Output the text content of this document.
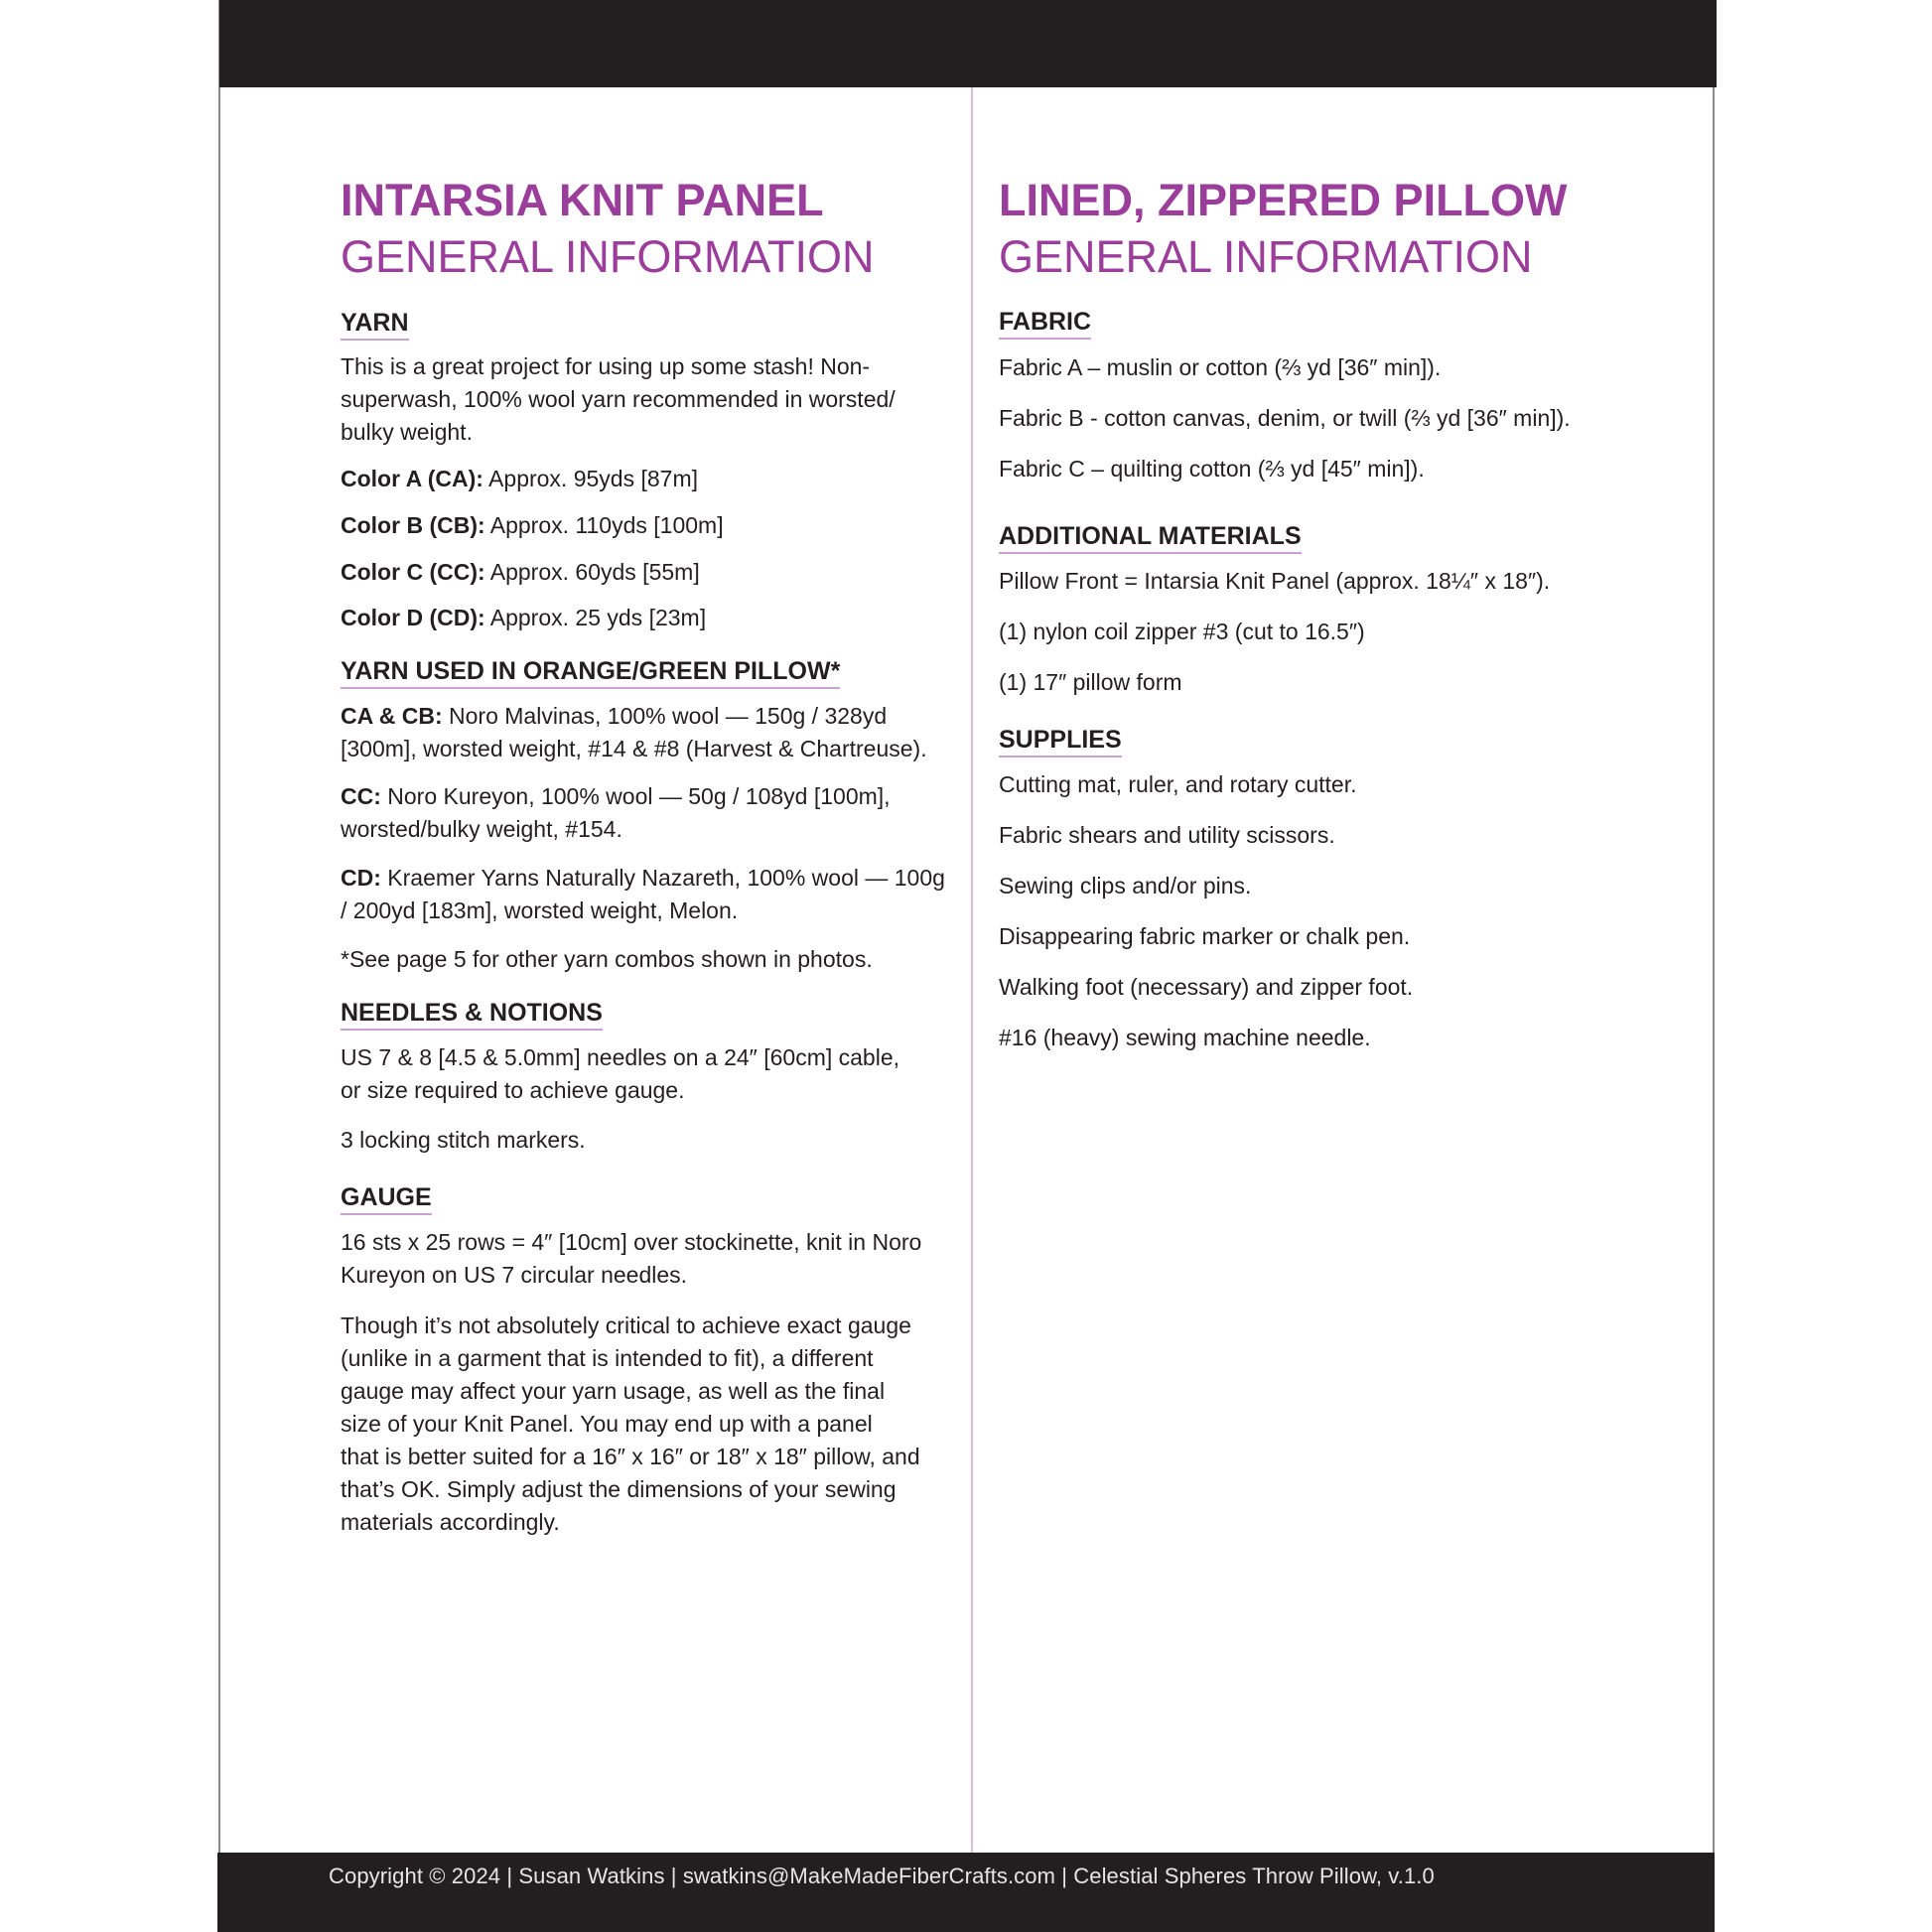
INTARSIA KNIT PANEL

GENERAL INFORMATION

YARN

This is a great project for using up some stash! Non-

superwash, 100% wool yarn recommended in worsted/

bulky weight.

Color A (CA): Approx. 95yds [87m]

Color B (CB): Approx. 110yds [100m]

Color C (CC): Approx. 60yds [55m]

Color D (CD): Approx. 25 yds [23m]

YARN USED IN ORANGE/GREEN PILLOW*

CA & CB: Noro Malvinas, 100% wool — 150g / 328yd

[300m], worsted weight, #14 & #8 (Harvest & Chartreuse).

CC: Noro Kureyon, 100% wool — 50g / 108yd [100m],

worsted/bulky weight, #154.

CD: Kraemer Yarns Naturally Nazareth, 100% wool — 100g

/ 200yd [183m], worsted weight, Melon.

*See page 5 for other yarn combos shown in photos.

NEEDLES & NOTIONS

US 7 & 8 [4.5 & 5.0mm] needles on a 24″ [60cm] cable,

or size required to achieve gauge.

3 locking stitch markers.

GAUGE

16 sts x 25 rows = 4″ [10cm] over stockinette, knit in Noro

Kureyon on US 7 circular needles.

Though it’s not absolutely critical to achieve exact gauge

(unlike in a garment that is intended to fit), a different

gauge may affect your yarn usage, as well as the final

size of your Knit Panel. You may end up with a panel

that is better suited for a 16″ x 16″ or 18″ x 18″ pillow, and

that’s OK. Simply adjust the dimensions of your sewing

materials accordingly.

LINED, ZIPPERED PILLOW

GENERAL INFORMATION

FABRIC

Fabric A – muslin or cotton (⅔ yd [36″ min]).

Fabric B - cotton canvas, denim, or twill (⅔ yd [36″ min]).

Fabric C – quilting cotton (⅔ yd [45″ min]).

ADDITIONAL MATERIALS

Pillow Front = Intarsia Knit Panel (approx. 18¼″ x 18″).

(1) nylon coil zipper #3 (cut to 16.5″)

(1) 17″ pillow form

SUPPLIES

Cutting mat, ruler, and rotary cutter.

Fabric shears and utility scissors.

Sewing clips and/or pins.

Disappearing fabric marker or chalk pen.

Walking foot (necessary) and zipper foot.

#16 (heavy) sewing machine needle.

Copyright © 2024 | Susan Watkins | swatkins@MakeMadeFiberCrafts.com | Celestial Spheres Throw Pillow, v.1.0
